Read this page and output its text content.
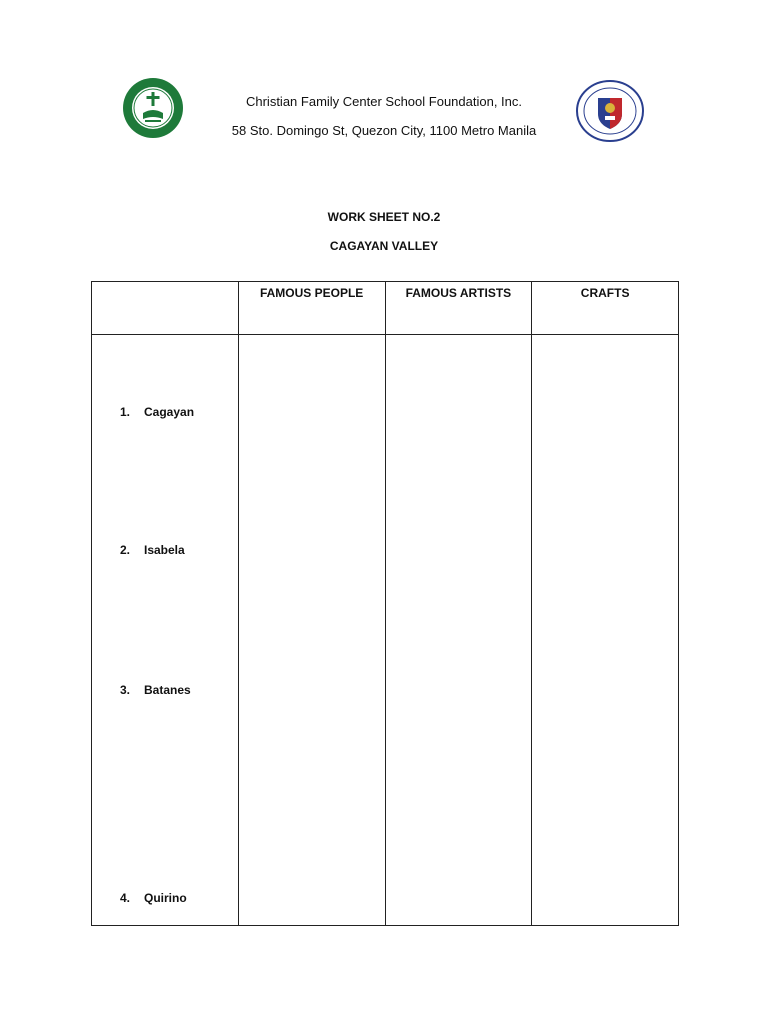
Christian Family Center School Foundation, Inc.
58 Sto. Domingo St, Quezon City, 1100 Metro Manila
WORK SHEET NO.2
CAGAYAN VALLEY
	FAMOUS PEOPLE	FAMOUS ARTISTS	CRAFTS

1. Cagayan
2. Isabela
3. Batanes
4. Quirino			
